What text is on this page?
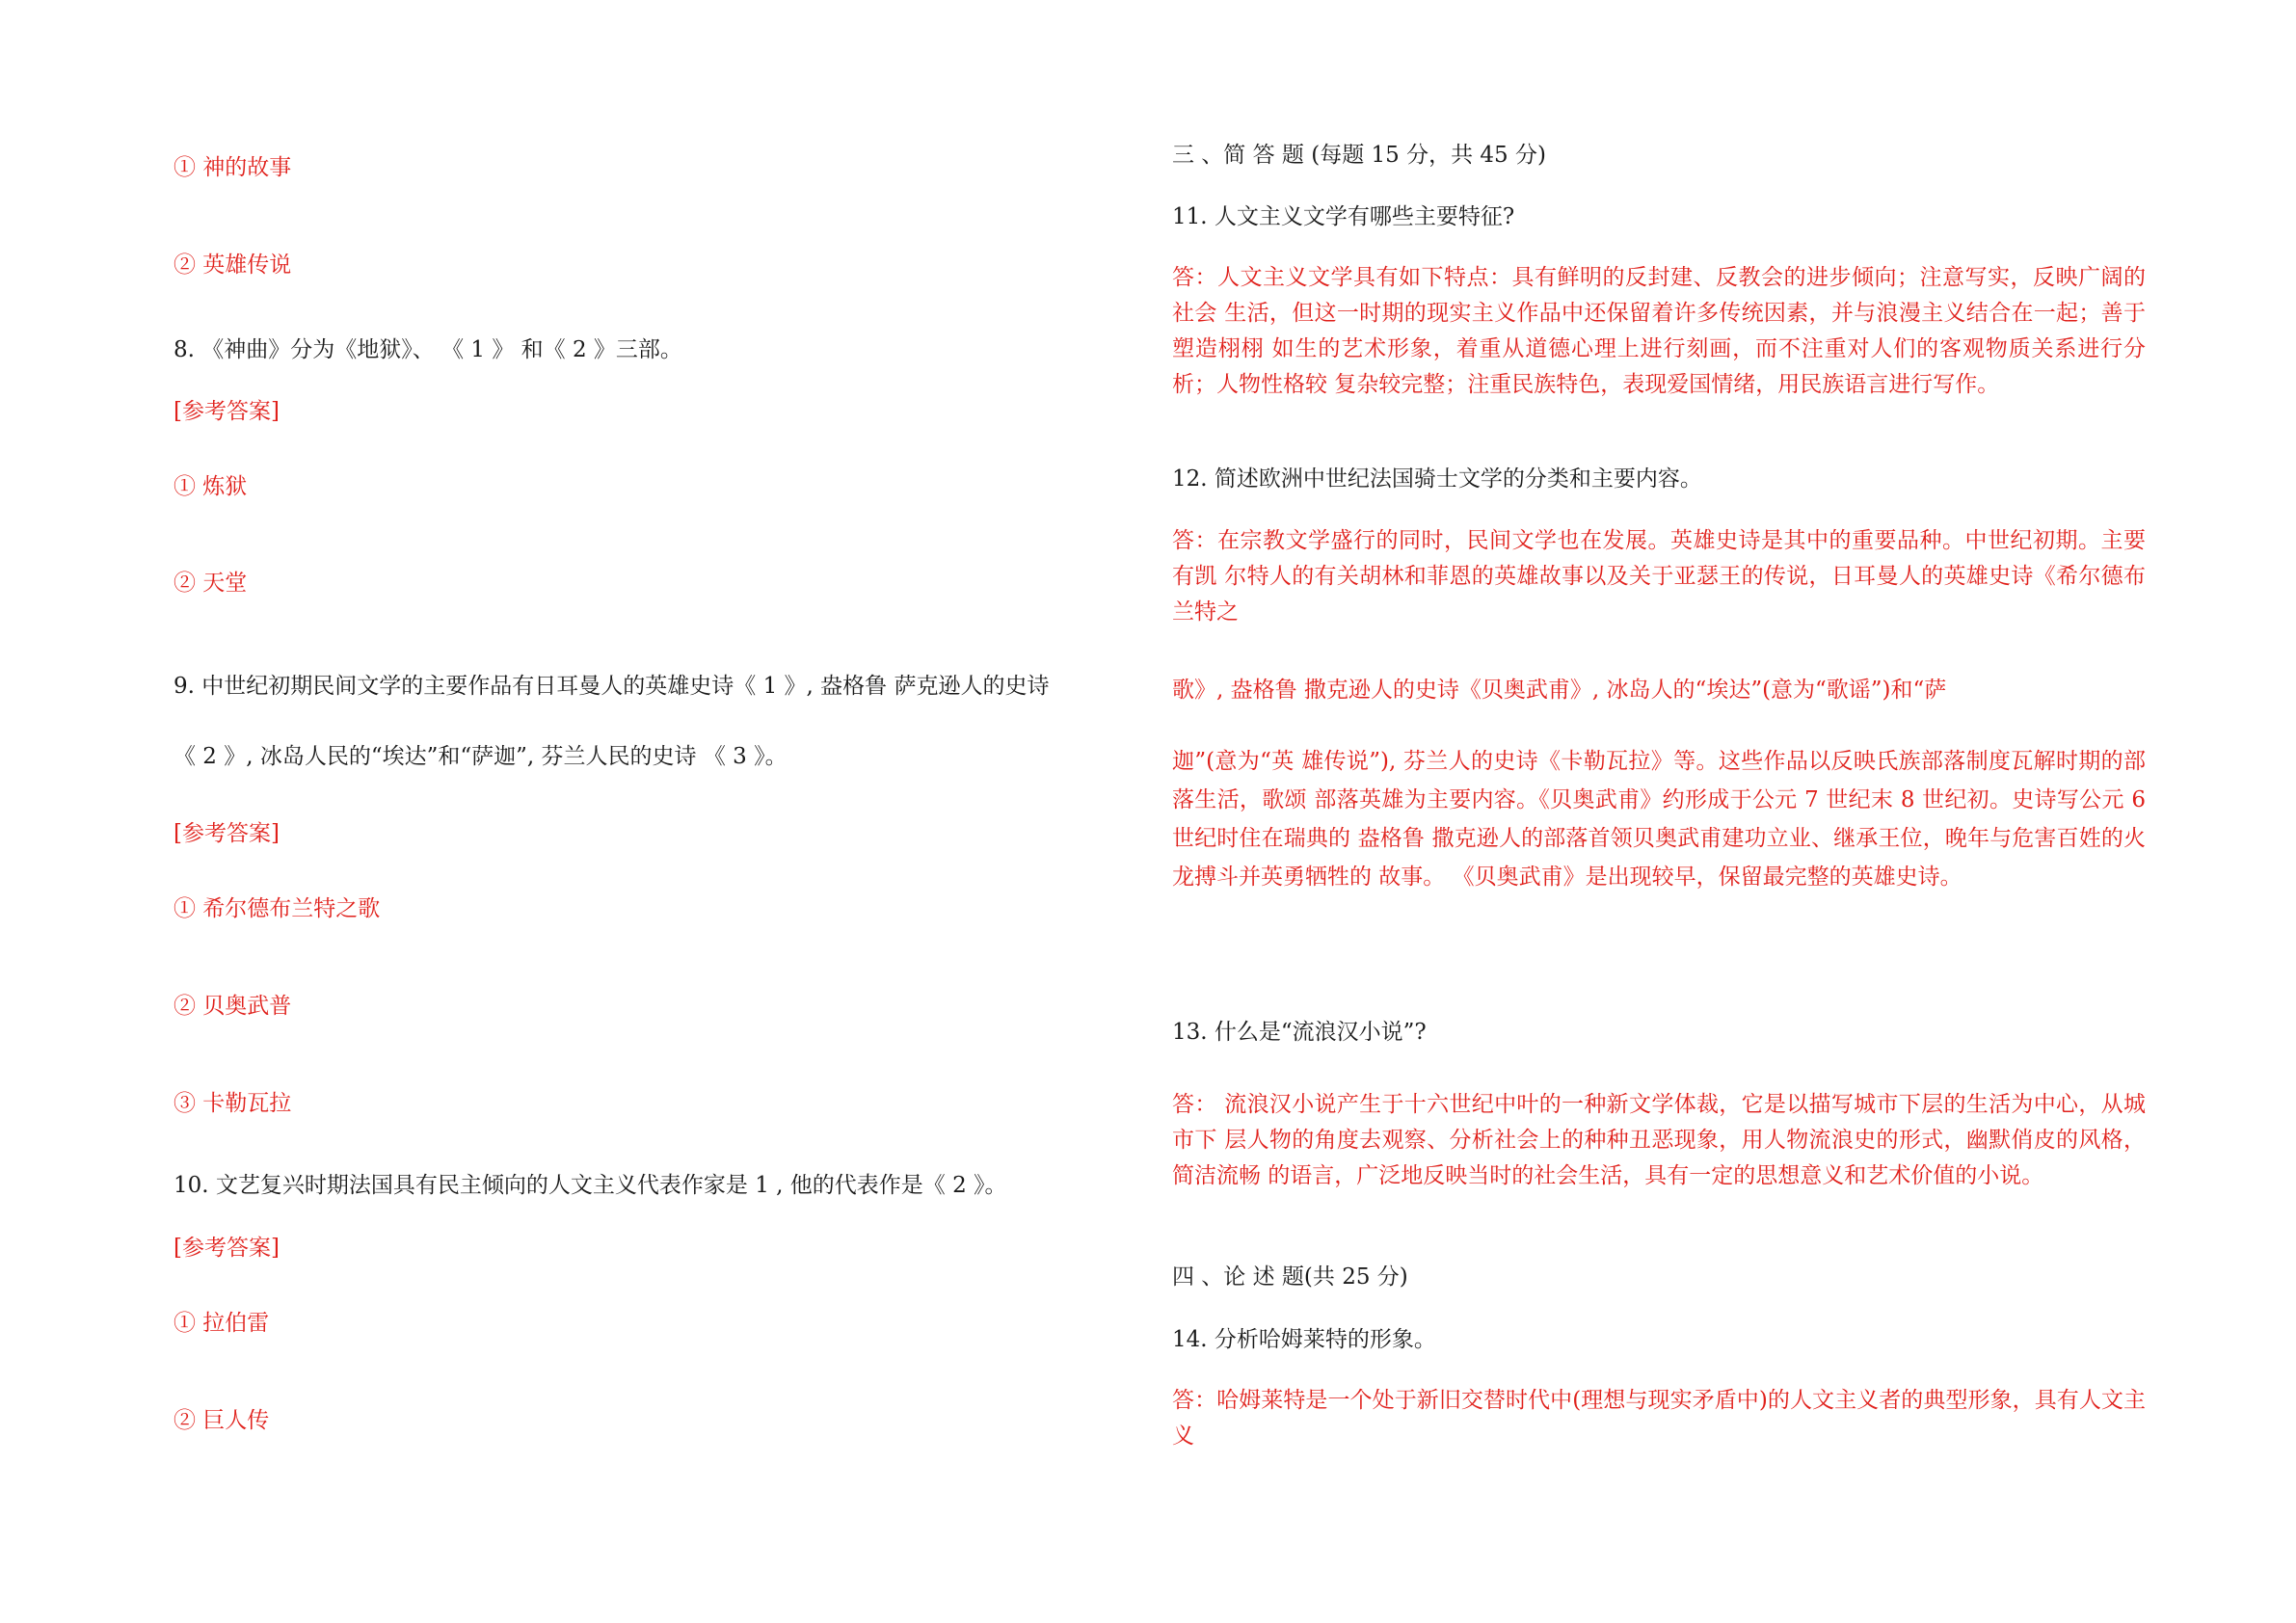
① 神的故事

② 英雄传说

8. 《神曲》分为《地狱》、 《 1 》 和《 2 》三部。

[参考答案]

① 炼狱

② 天堂

9. 中世纪初期民间文学的主要作品有日耳曼人的英雄史诗《 1 》, 盎格鲁 萨克逊人的史诗

《 2 》, 冰岛人民的“埃达”和“萨迦”, 芬兰人民的史诗 《 3 》。

[参考答案]

① 希尔德布兰特之歌

② 贝奥武普

③ 卡勒瓦拉

10. 文艺复兴时期法国具有民主倾向的人文主义代表作家是 1 , 他的代表作是《 2 》。

[参考答案]

① 拉伯雷

② 巨人传

三 、简 答 题 (每题 15 分，共 45 分)

11. 人文主义文学有哪些主要特征?

答：人文主义文学具有如下特点：具有鲜明的反封建、反教会的进步倾向；注意写实，反映广阔的社会 生活，但这一时期的现实主义作品中还保留着许多传统因素，并与浪漫主义结合在一起；善于塑造栩栩 如生的艺术形象，着重从道德心理上进行刻画，而不注重对人们的客观物质关系进行分析；人物性格较 复杂较完整；注重民族特色，表现爱国情绪，用民族语言进行写作。

12. 简述欧洲中世纪法国骑士文学的分类和主要内容。

答：在宗教文学盛行的同时，民间文学也在发展。英雄史诗是其中的重要品种。中世纪初期。主要有凯 尔特人的有关胡林和菲恩的英雄故事以及关于亚瑟王的传说，日耳曼人的英雄史诗《希尔德布兰特之

歌》, 盎格鲁 撒克逊人的史诗《贝奥武甫》, 冰岛人的“埃达”(意为“歌谣”)和“萨

迦”(意为“英 雄传说”), 芬兰人的史诗《卡勒瓦拉》等。这些作品以反映氏族部落制度瓦解时期的部落生活，歌颂 部落英雄为主要内容。《贝奥武甫》约形成于公元 7 世纪末 8 世纪初。史诗写公元 6 世纪时住在瑞典的 盎格鲁 撒克逊人的部落首领贝奥武甫建功立业、继承王位，晚年与危害百姓的火龙搏斗并英勇牺牲的 故事。 《贝奥武甫》是出现较早，保留最完整的英雄史诗。

13. 什么是“流浪汉小说”?

答： 流浪汉小说产生于十六世纪中叶的一种新文学体裁，它是以描写城市下层的生活为中心，从城市下 层人物的角度去观察、分析社会上的种种丑恶现象，用人物流浪史的形式，幽默俏皮的风格，简洁流畅 的语言，广泛地反映当时的社会生活，具有一定的思想意义和艺术价值的小说。

四 、论 述 题(共 25 分)

14. 分析哈姆莱特的形象。

答：哈姆莱特是一个处于新旧交替时代中(理想与现实矛盾中)的人文主义者的典型形象，具有人文主义
